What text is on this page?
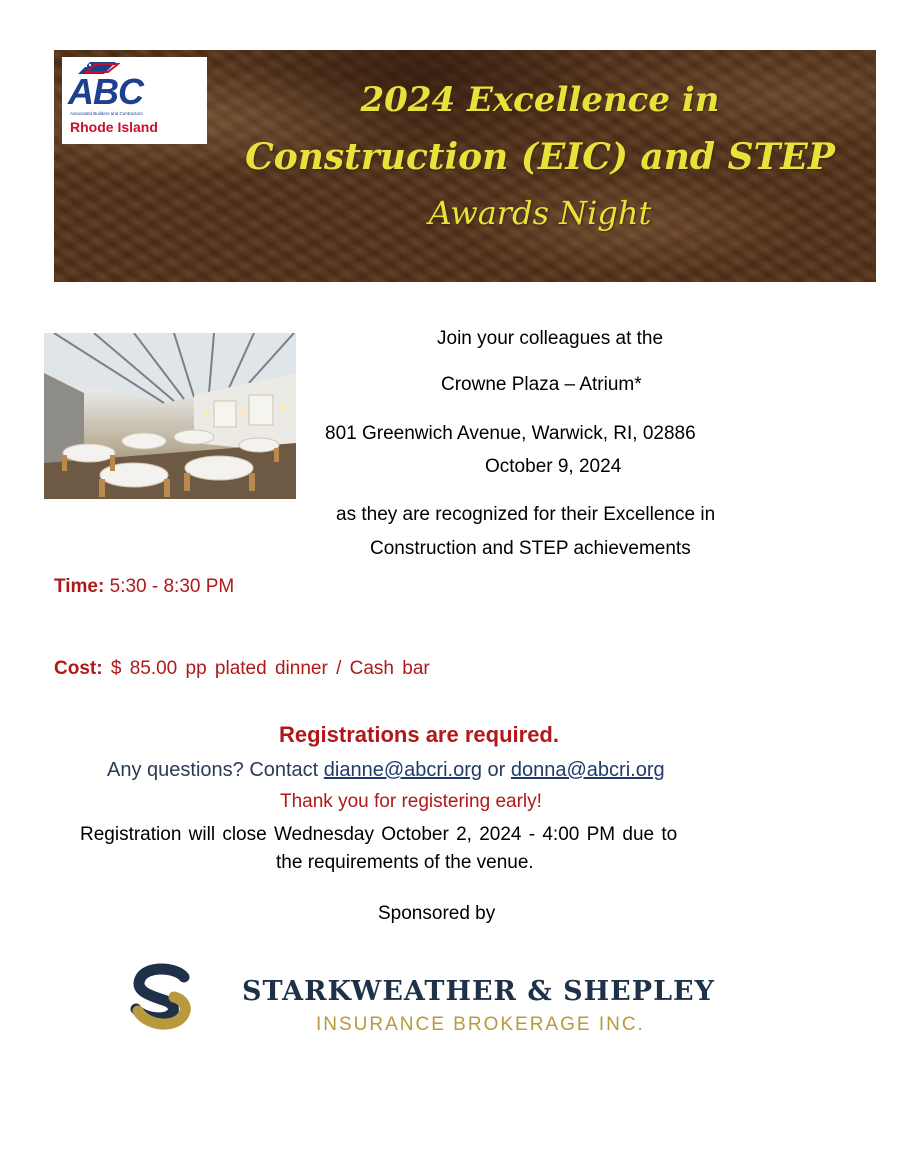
ABC
Associated Builders and Contractors
Rhode Island
2024 Excellence in
Construction (EIC) and STEP
Awards Night
Join your colleagues at the
Crowne Plaza – Atrium*
801 Greenwich Avenue, Warwick, RI, 02886
October 9, 2024
as they are recognized for their Excellence in
Construction and STEP achievements
Time: 5:30 - 8:30 PM
Cost: $ 85.00 pp plated dinner / Cash bar
Registrations are required.
Any questions? Contact dianne@abcri.org or donna@abcri.org
Thank you for registering early!
Registration will close Wednesday October 2, 2024 - 4:00 PM due to
the requirements of the venue.
Sponsored by
STARKWEATHER & SHEPLEY
INSURANCE BROKERAGE INC.
